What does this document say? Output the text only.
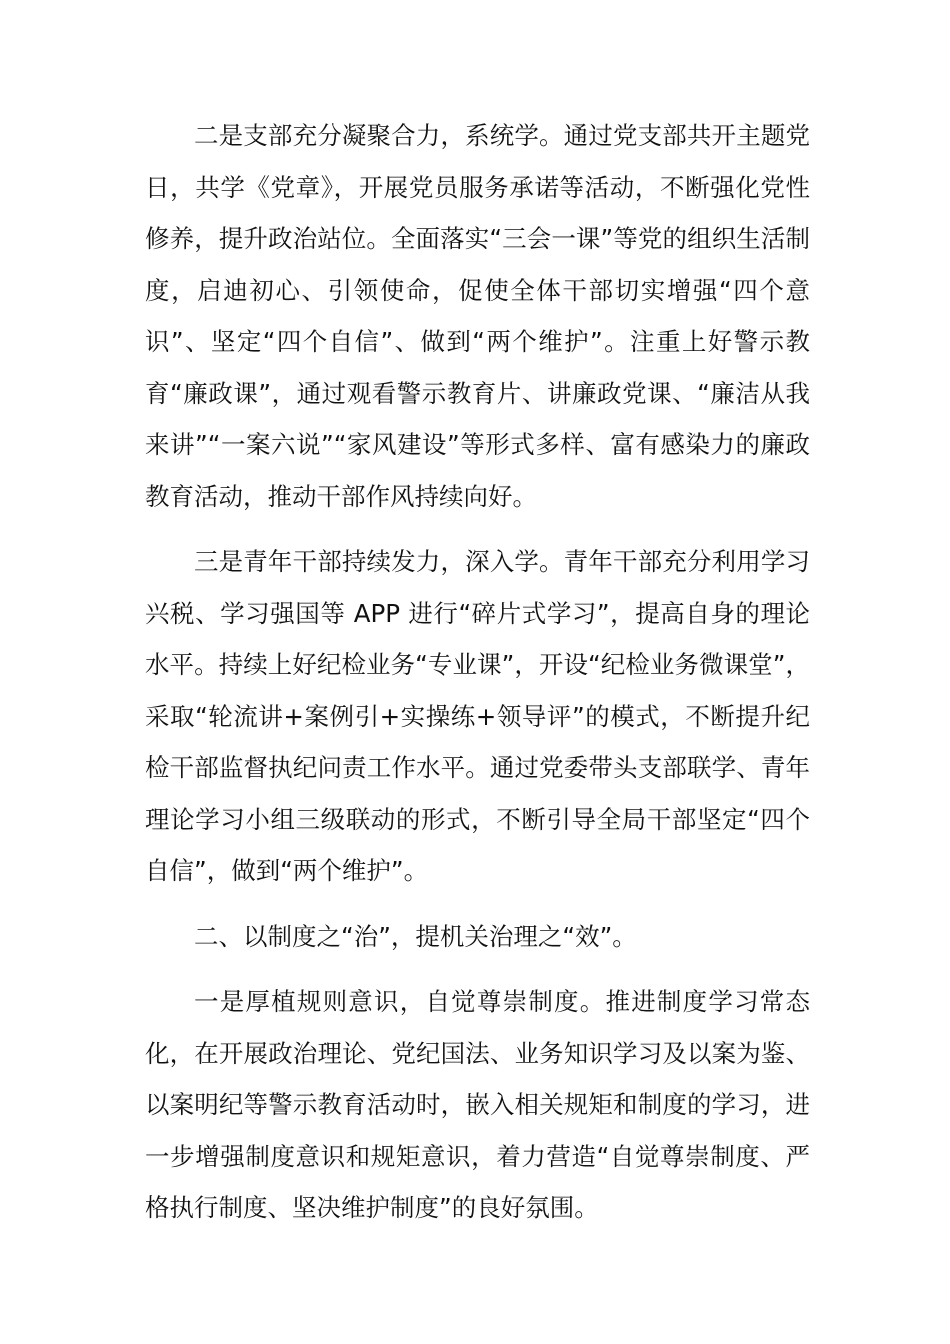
二是支部充分凝聚合力，系统学。通过党支部共开主题党日，共学《党章》，开展党员服务承诺等活动，不断强化党性修养，提升政治站位。全面落实“三会一课”等党的组织生活制度，启迪初心、引领使命，促使全体干部切实增强“四个意识”、坚定“四个自信”、做到“两个维护”。注重上好警示教育“廉政课”，通过观看警示教育片、讲廉政党课、“廉洁从我来讲”“一案六说”“家风建设”等形式多样、富有感染力的廉政教育活动，推动干部作风持续向好。

三是青年干部持续发力，深入学。青年干部充分利用学习兴税、学习强国等 APP 进行“碎片式学习”，提高自身的理论水平。持续上好纪检业务“专业课”，开设“纪检业务微课堂”，采取“轮流讲+案例引+实操练+领导评”的模式，不断提升纪检干部监督执纪问责工作水平。通过党委带头支部联学、青年理论学习小组三级联动的形式，不断引导全局干部坚定“四个自信”，做到“两个维护”。

二、以制度之“治”，提机关治理之“效”。

一是厚植规则意识，自觉尊崇制度。推进制度学习常态化，在开展政治理论、党纪国法、业务知识学习及以案为鉴、以案明纪等警示教育活动时，嵌入相关规矩和制度的学习，进一步增强制度意识和规矩意识，着力营造“自觉尊崇制度、严格执行制度、坚决维护制度”的良好氛围。
